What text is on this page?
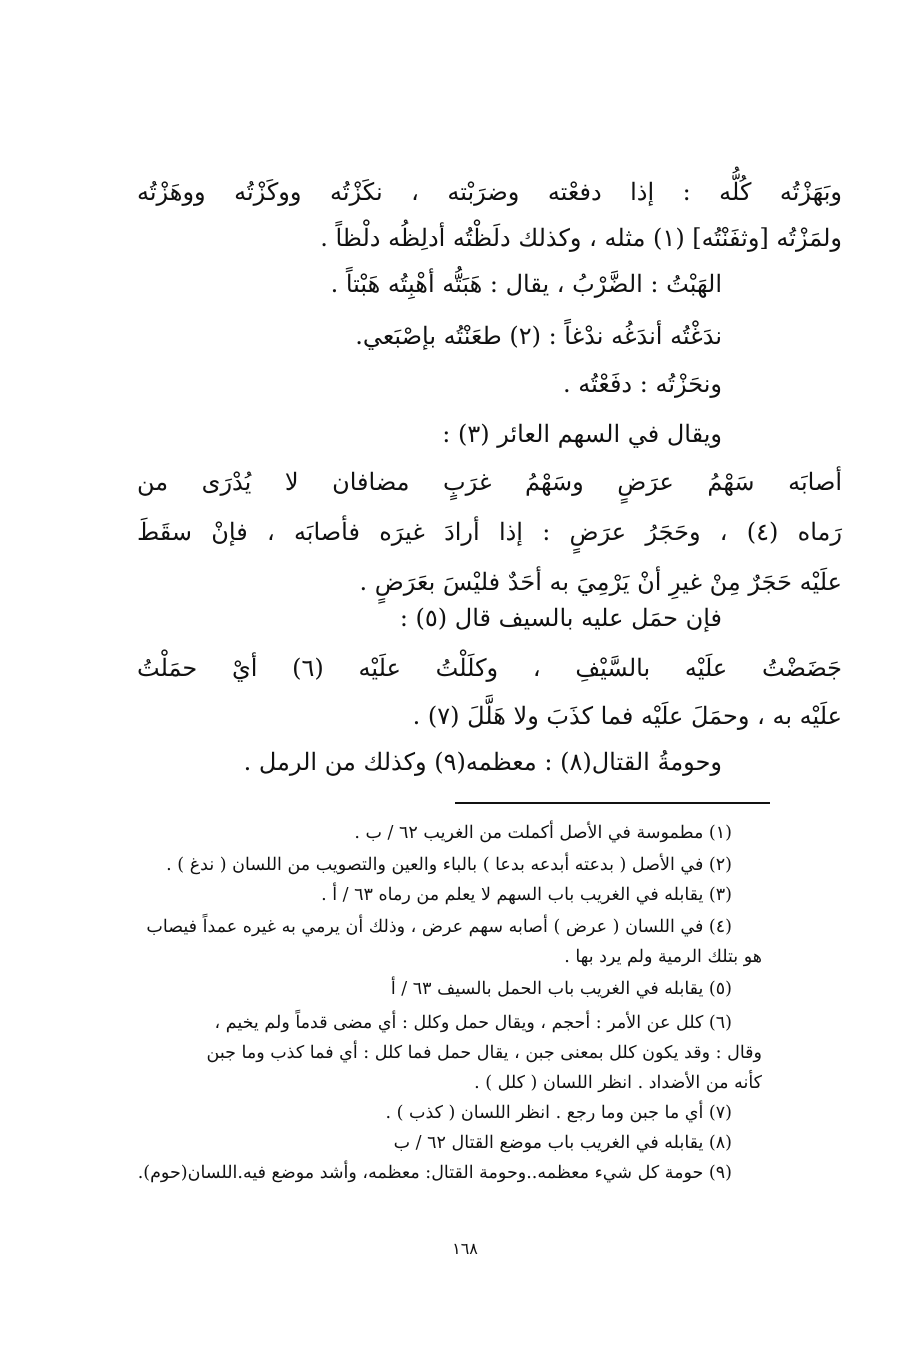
وبَهَزْتُه كُلُّه : إذا دفعْته وضرَبْته ، نكَزْتُه ووكَزْتُه ووهَزْتُه
ولمَزْتُه [وثفَنْتُه] (١) مثله ، وكذلك دلَظْتُه أدلِظُه دلْظاً .
الهَبْتُ : الضَّرْبُ ، يقال : هَبَتُّه أهْبِتُه هَبْتاً .
ندَغْتُه أندَغُه ندْغاً : (٢) طعَنْتُه بإصْبَعي.
ونحَزْتُه : دفَعْتُه .
ويقال في السهم العائر (٣) :
أصابَه سَهْمُ عرَضٍ وسَهْمُ غرَبٍ مضافان لا يُدْرَى من
رَماه (٤) ، وحَجَرُ عرَضٍ : إذا أرادَ غيرَه فأصابَه ، فإنْ سقَطَ
علَيْه حَجَرٌ مِنْ غيرِ أنْ يَرْمِيَ به أحَدٌ فليْسَ بعَرَضٍ .
فإن حمَل عليه بالسيف قال (٥) :
جَضَضْتُ علَيْه بالسَّيْفِ ، وكلَلْتُ علَيْه (٦) أيْ حمَلْتُ
علَيْه به ، وحمَلَ علَيْه فما كذَبَ ولا هَلَّلَ (٧) .
وحومةُ القتال(٨) : معظمه(٩) وكذلك من الرمل .
(١) مطموسة في الأصل أكملت من الغريب ٦٢ / ب .
(٢) في الأصل ( بدعته أبدعه بدعا ) بالباء والعين والتصويب من اللسان ( ندغ ) .
(٣) يقابله في الغريب باب السهم لا يعلم من رماه ٦٣ / أ .
(٤) في اللسان ( عرض ) أصابه سهم عرض ، وذلك أن يرمي به غيره عمداً فيصاب
هو بتلك الرمية ولم يرد بها .
(٥) يقابله في الغريب باب الحمل بالسيف ٦٣ / أ
(٦) كلل عن الأمر : أحجم ، ويقال حمل وكلل : أي مضى قدماً ولم يخيم ،
وقال : وقد يكون كلل بمعنى جبن ، يقال حمل فما كلل : أي فما كذب وما جبن
كأنه من الأضداد . انظر اللسان ( كلل ) .
(٧) أي ما جبن وما رجع . انظر اللسان ( كذب ) .
(٨) يقابله في الغريب باب موضع القتال ٦٢ / ب
(٩) حومة كل شيء معظمه..وحومة القتال: معظمه، وأشد موضع فيه.اللسان(حوم).
١٦٨
